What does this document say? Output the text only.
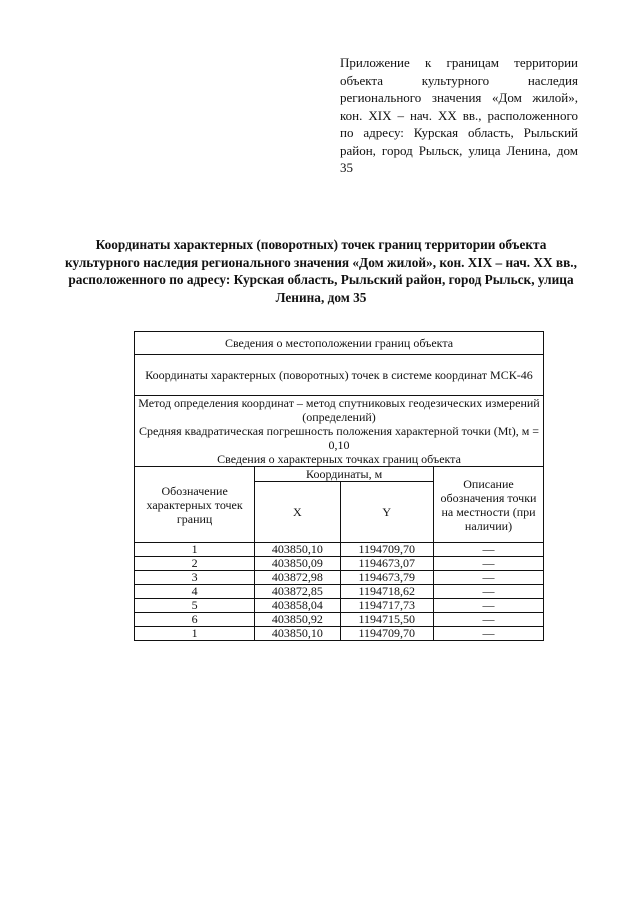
Приложение к границам территории объекта культурного наследия регионального значения «Дом жилой», кон. XIX – нач. XX вв., расположенного по адресу: Курская область, Рыльский район, город Рыльск, улица Ленина, дом 35
Координаты характерных (поворотных) точек границ территории объекта культурного наследия регионального значения «Дом жилой», кон. XIX – нач. XX вв., расположенного по адресу: Курская область, Рыльский район, город Рыльск, улица Ленина, дом 35
Сведения о местоположении границ объекта			
Координаты характерных (поворотных) точек в системе координат МСК-46			

Метод определения координат – метод спутниковых геодезических измерений (определений)
Средняя квадратическая погрешность положения характерной точки (Mt), м = 0,10
Сведения о характерных точках границ объекта			

Обозначение характерных точек границ	Координаты, м		Описание обозначения точки на местности (при наличии)
	X	Y	
1	403850,10	1194709,70	—
2	403850,09	1194673,07	—
3	403872,98	1194673,79	—
4	403872,85	1194718,62	—
5	403858,04	1194717,73	—
6	403850,92	1194715,50	—
1	403850,10	1194709,70	—
